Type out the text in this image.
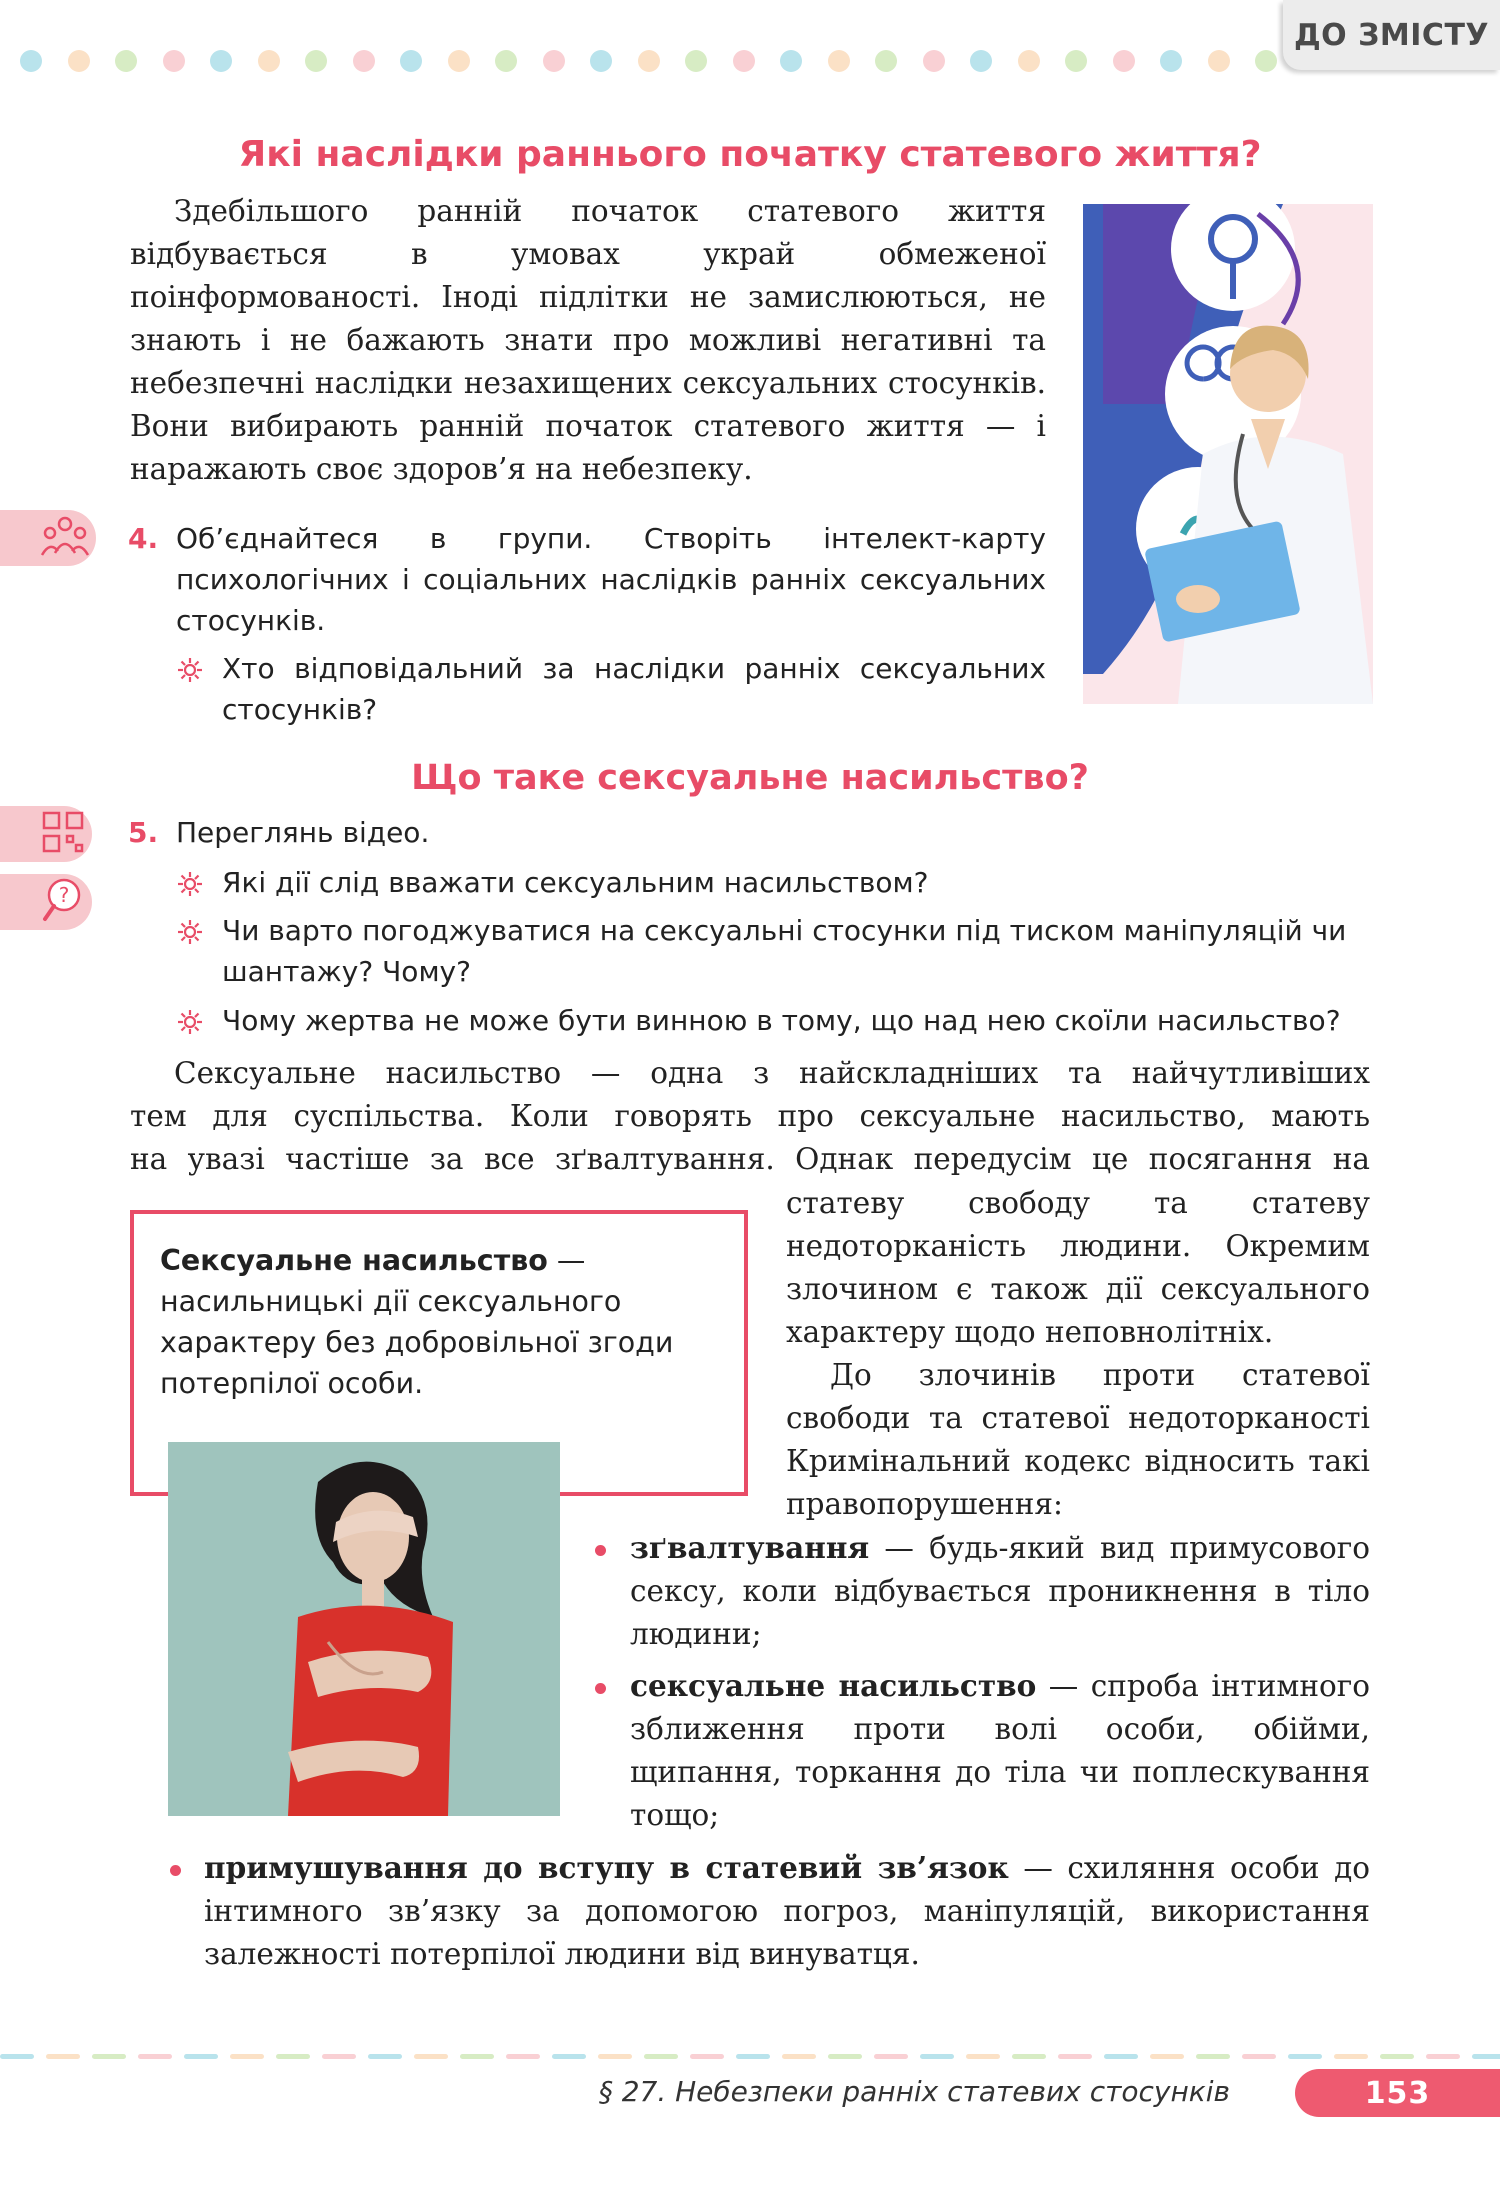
ДО ЗМІСТУ
Які наслідки раннього початку статевого життя?
Здебільшого ранній початок статевого життя відбувається в умовах украй обмеженої поінформованості. Іноді підлітки не замислюються, не знають і не бажають знати про можливі негативні та небезпечні наслідки незахищених сексуальних стосунків. Вони вибирають ранній початок статевого життя — і наражають своє здоров’я на небезпеку.
4. Об’єднайтеся в групи. Створіть інтелект-карту психологічних і соціальних наслідків ранніх сексуальних стосунків.
Хто відповідальний за наслідки ранніх сексуальних стосунків?
Що таке сексуальне насильство?
?
5. Переглянь відео.
Які дії слід вважати сексуальним насильством?
Чи варто погоджуватися на сексуальні стосунки під тиском маніпуляцій чи шантажу? Чому?
Чому жертва не може бути винною в тому, що над нею скоїли насильство?
Сексуальне насильство — одна з найскладніших та найчутливіших
тем для суспільства. Коли говорять про сексуальне насильство, мають
на увазі частіше за все зґвалтування. Однак передусім це посягання на
Сексуальне насильство — насильницькі дії сексуального характеру без добровільної згоди потерпілої особи.
статеву свободу та статеву недоторканість людини. Окремим злочином є також дії сексуального характеру щодо неповнолітніх.
До злочинів проти статевої свободи та статевої недоторканості Кримінальний кодекс відносить такі правопорушення:
зґвалтування — будь-який вид примусового сексу, коли відбувається проникнення в тіло людини;
сексуальне насильство — спроба інтимного зближення проти волі особи, обійми, щипання, торкання до тіла чи поплескування тощо;
примушування до вступу в статевий зв’язок — схиляння особи до інтимного зв’язку за допомогою погроз, маніпуляцій, використання залежності потерпілої людини від винуватця.
§ 27. Небезпеки ранніх статевих стосунків	153
